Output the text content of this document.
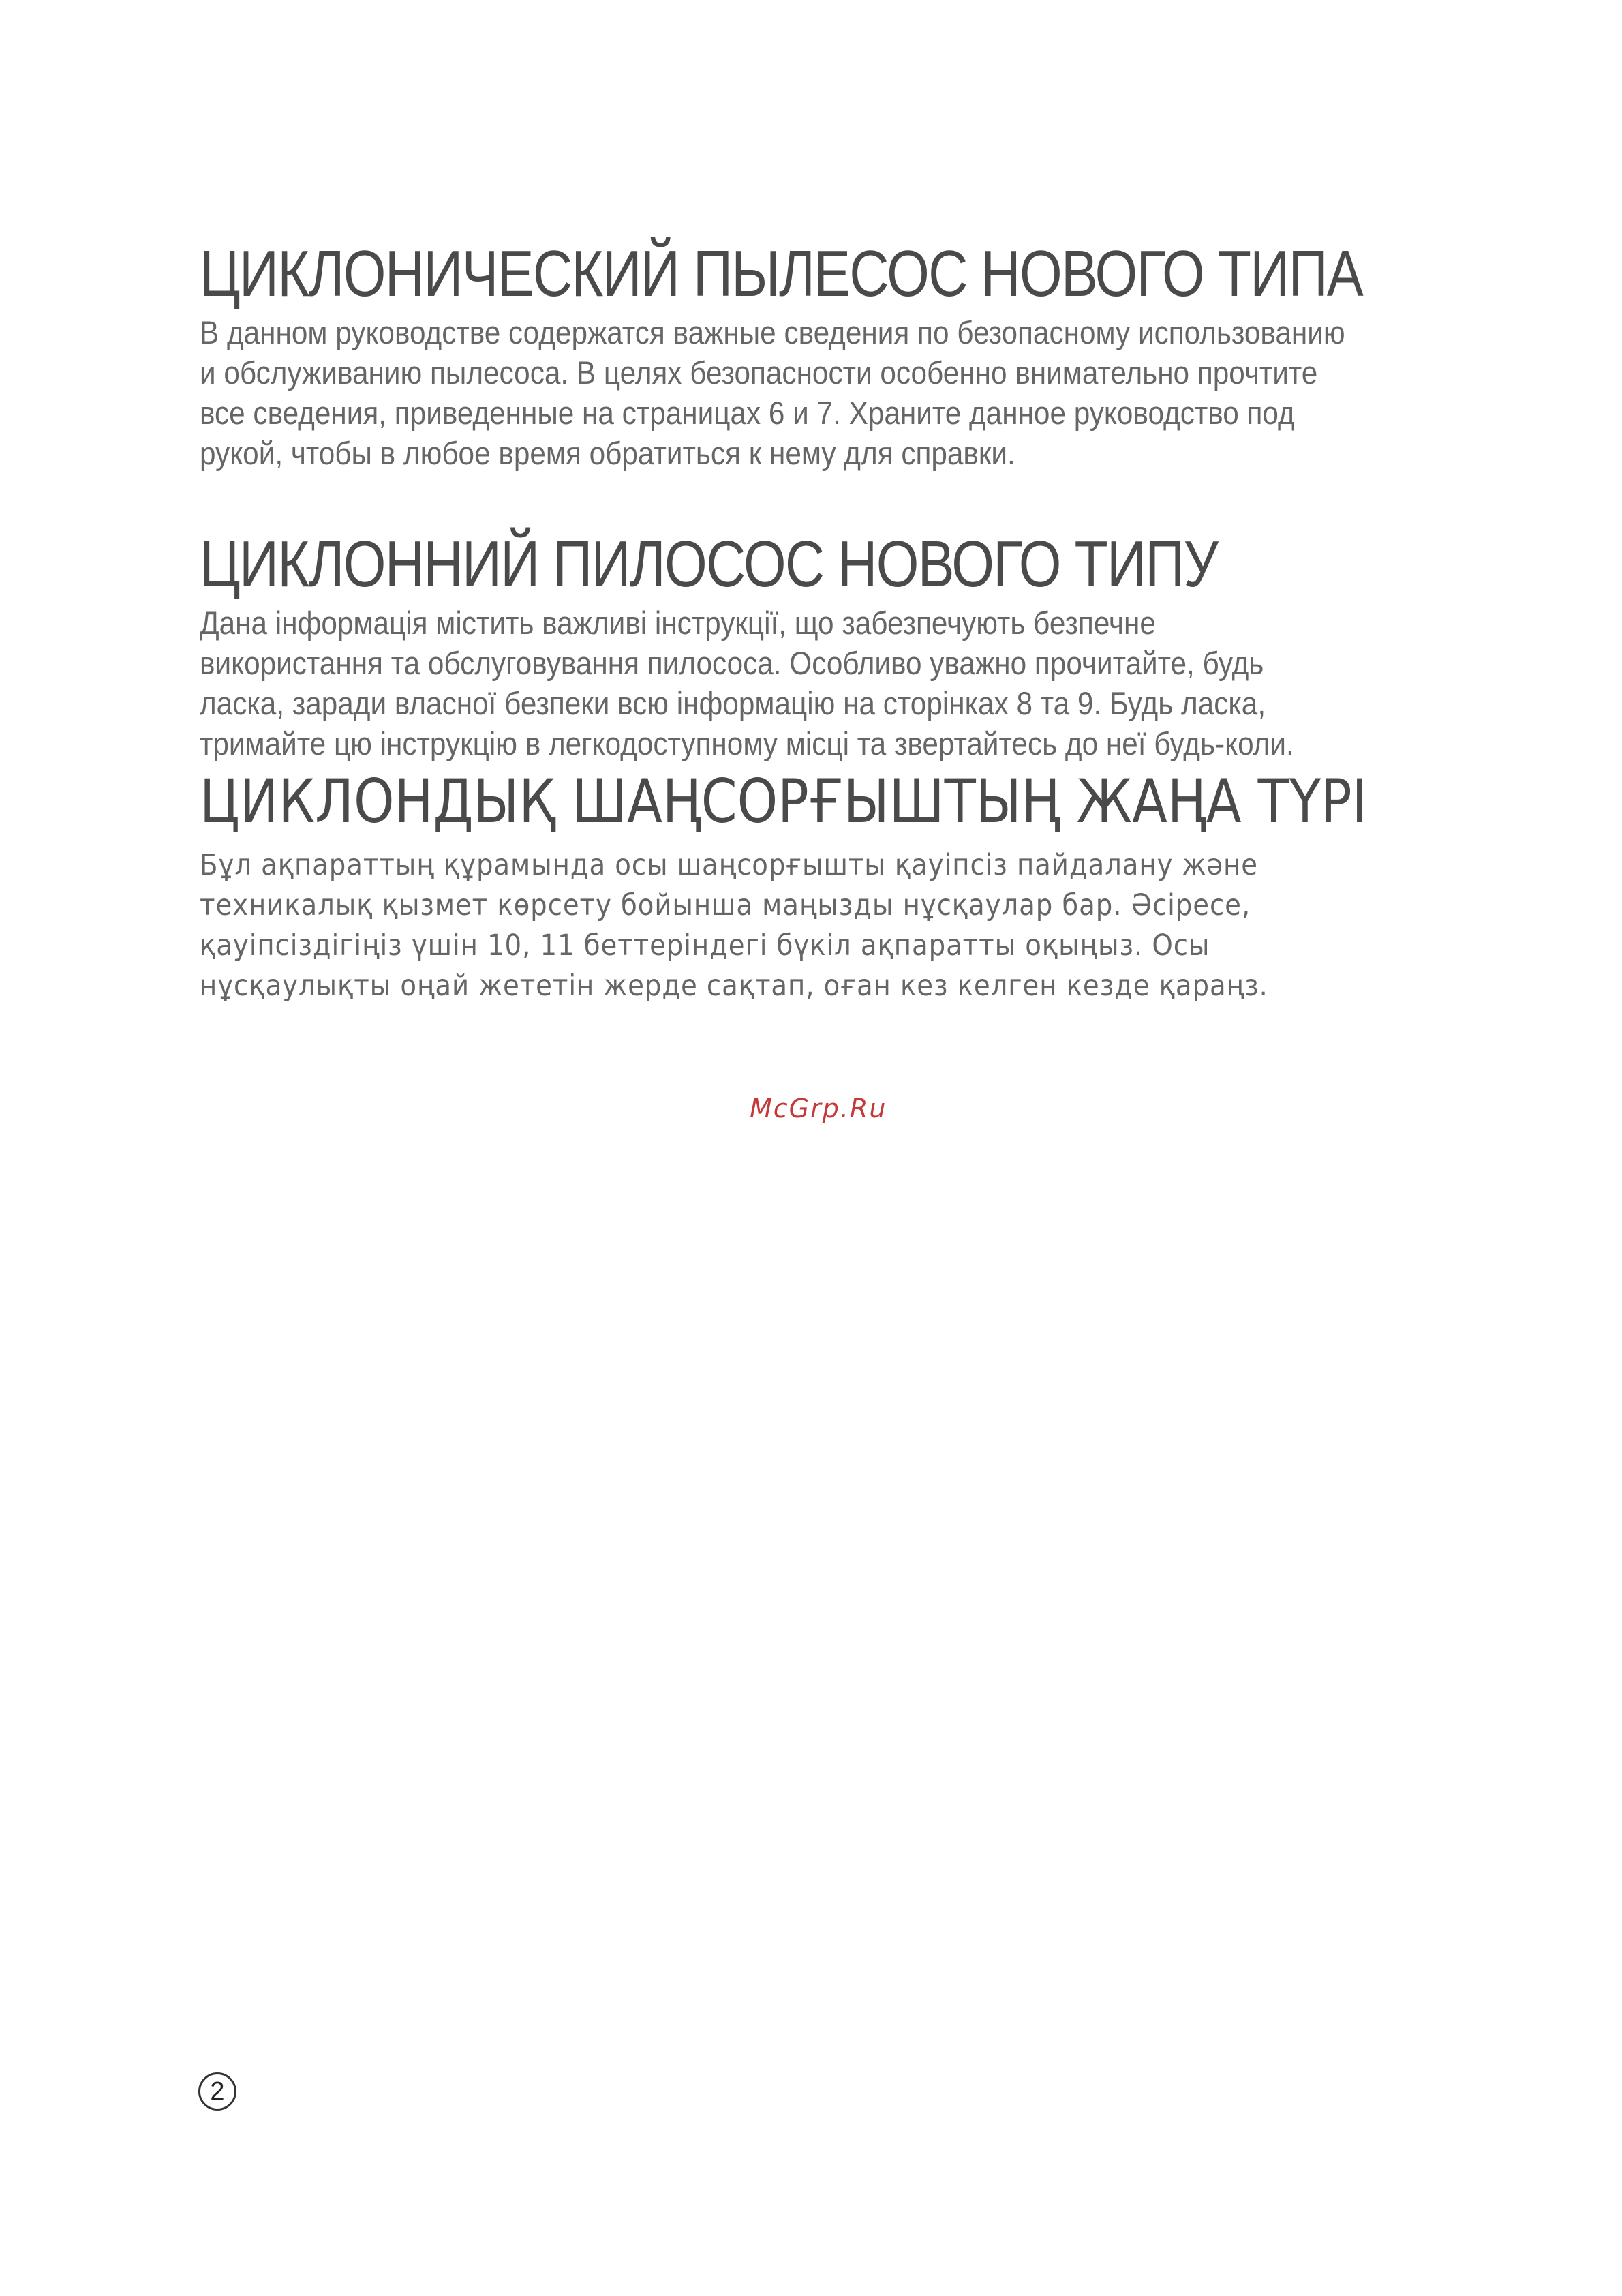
ЦИКЛОНИЧЕСКИЙ ПЫЛЕСОС НОВОГО ТИПА

В данном руководстве содержатся важные сведения по безопасному использованию
и обслуживанию пылесоса. В целях безопасности особенно внимательно прочтите
все сведения, приведенные на страницах 6 и 7. Храните данное руководство под
рукой, чтобы в любое время обратиться к нему для справки.

ЦИКЛОННИЙ ПИЛОСОС НОВОГО ТИПУ

Дана інформація містить важливі інструкції, що забезпечують безпечне
використання та обслуговування пилососа. Особливо уважно прочитайте, будь
ласка, заради власної безпеки всю інформацію на сторінках 8 та 9. Будь ласка,
тримайте цю інструкцію в легкодоступному місці та звертайтесь до неї будь-коли.

ЦИКЛОНДЫҚ ШАҢСОРҒЫШТЫҢ ЖАҢА ТҮРІ

Бұл ақпараттың құрамында осы шаңсорғышты қауіпсіз пайдалану және
техникалық қызмет көрсету бойынша маңызды нұсқаулар бар. Әсіресе,
қауіпсіздігіңіз үшін 10, 11 беттеріндегі бүкіл ақпаратты оқыңыз. Осы
нұсқаулықты оңай жететін жерде сақтап, оған кез келген кезде қараңз.

McGrp.Ru
2
